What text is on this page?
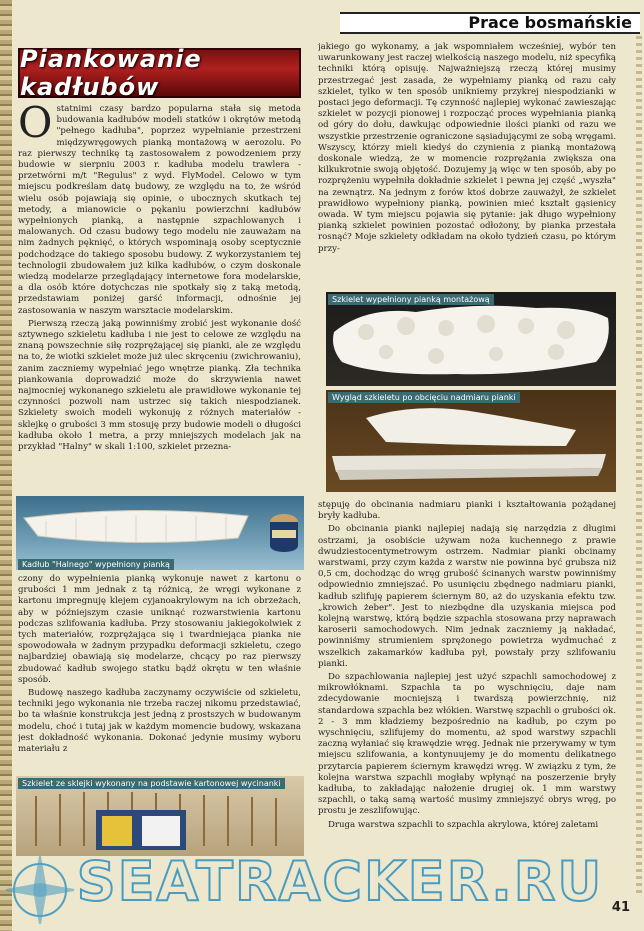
Prace bosmańskie
Piankowanie kadłubów

Ostatnimi czasy bardzo popularna stała się metoda budowania kadłubów modeli statków i okrętów metodą "pełnego kadłuba", poprzez wypełnianie przestrzeni międzywręgowych pianką montażową w aerozolu. Po raz pierwszy technikę tą zastosowałem z powodzeniem przy budowie w sierpniu 2003 r. kadłuba modelu trawlera - przetwórni m/t "Regulus" z wyd. FlyModel. Celowo w tym miejscu podkreślam datę budowy, ze względu na to, że wśród wielu osób pojawiają się opinie, o ubocznych skutkach tej metody, a mianowicie o pękaniu powierzchni kadłubów wypełnionych pianką, a następnie szpachlowanych i malowanych. Od czasu budowy tego modelu nie zauważam na nim żadnych pęknięć, o których wspominają osoby sceptycznie podchodzące do takiego sposobu budowy. Z wykorzystaniem tej technologii zbudowałem już kilka kadłubów, o czym doskonale wiedzą modelarze przeglądający internetowe fora modelarskie, a dla osób które dotychczas nie spotkały się z taką metodą, przedstawiam poniżej garść informacji, odnośnie jej zastosowania w naszym warsztacie modelarskim.

Pierwszą rzeczą jaką powinniśmy zrobić jest wykonanie dość sztywnego szkieletu kadłuba i nie jest to celowe ze względu na znaną powszechnie siłę rozprężającej się pianki, ale ze względu na to, że wiotki szkielet może już ulec skręceniu (zwichrowaniu), zanim zaczniemy wypełniać jego wnętrze pianką. Zła technika piankowania doprowadzić może do skrzywienia nawet najmocniej wykonanego szkieletu ale prawidłowe wykonanie tej czynności pozwoli nam ustrzec się takich niespodzianek. Szkielety swoich modeli wykonuję z różnych materiałów - sklejkę o grubości 3 mm stosuję przy budowie modeli o długości kadłuba około 1 metra, a przy mniejszych modelach jak na przykład "Halny" w skali 1:100, szkielet przezna-

Kadłub "Halnego" wypełniony pianką

czony do wypełnienia pianką wykonuje nawet z kartonu o grubości 1 mm jednak z tą różnicą, że wręgi wykonane z kartonu impregnuję klejem cyjanoakrylowym na ich obrzeżach, aby w późniejszym czasie uniknąć rozwarstwienia kartonu podczas szlifowania kadłuba. Przy stosowaniu jakiegokolwiek z tych materiałów, rozprężająca się i twardniejąca pianka nie spowodowała w żadnym przypadku deformacji szkieletu, czego najbardziej obawiają się modelarze, chcący po raz pierwszy zbudować kadłub swojego statku bądź okrętu w ten właśnie sposób.

Budowę naszego kadłuba zaczynamy oczywiście od szkieletu, techniki jego wykonania nie trzeba raczej nikomu przedstawiać, bo ta właśnie konstrukcja jest jedną z prostszych w budowanym modelu, choć i tutaj jak w każdym momencie budowy, wskazana jest dokładność wykonania. Dokonać jedynie musimy wyboru materiału z

Szkielet ze sklejki wykonany na podstawie kartonowej wycinanki

jakiego go wykonamy, a jak wspomniałem wcześniej, wybór ten uwarunkowany jest raczej wielkością naszego modelu, niż specyfiką techniki którą opisuję. Najważniejszą rzeczą której musimy przestrzegać jest zasada, że wypełniamy pianką od razu cały szkielet, tylko w ten sposób unikniemy przykrej niespodzianki w postaci jego deformacji. Tę czynność najlepiej wykonać zawieszając szkielet w pozycji pionowej i rozpocząć proces wypełniania pianką od góry do dołu, dawkując odpowiednie ilości pianki od razu we wszystkie przestrzenie ograniczone sąsiadującymi ze sobą wręgami. Wszyscy, którzy mieli kiedyś do czynienia z pianką montażową doskonale wiedzą, że w momencie rozprężania zwiększa ona kilkukrotnie swoją objętość. Dozujemy ją więc w ten sposób, aby po rozprężeniu wypełniła dokładnie szkielet i pewna jej część „wyszła" na zewnątrz. Na jednym z forów ktoś dobrze zauważył, że szkielet prawidłowo wypełniony pianką, powinien mieć kształt gąsienicy owada. W tym miejscu pojawia się pytanie: jak długo wypełniony pianką szkielet powinien pozostać odłożony, by pianka przestała rosnąć? Moje szkielety odkładam na około tydzień czasu, po którym przy-

Szkielet wypełniony pianką montażową
Wygląd szkieletu po obcięciu nadmiaru pianki

stępuję do obcinania nadmiaru pianki i kształtowania pożądanej bryły kadłuba.

Do obcinania pianki najlepiej nadają się narzędzia z długimi ostrzami, ja osobiście używam noża kuchennego z prawie dwudziestocentymetrowym ostrzem. Nadmiar pianki obcinamy warstwami, przy czym każda z warstw nie powinna być grubsza niż 0,5 cm, dochodząc do wręg grubość ścinanych warstw powinniśmy odpowiednio zmniejszać. Po usunięciu zbędnego nadmiaru pianki, kadłub szlifuję papierem ściernym 80, aż do uzyskania efektu tzw. „krowich żeber". Jest to niezbędne dla uzyskania miejsca pod kolejną warstwę, którą będzie szpachla stosowana przy naprawach karoserii samochodowych. Nim jednak zaczniemy ją nakładać, powinniśmy strumieniem sprężonego powietrza wydmuchać z wszelkich zakamarków kadłuba pył, powstały przy szlifowaniu pianki.

Do szpachlowania najlepiej jest użyć szpachli samochodowej z mikrowłóknami. Szpachla ta po wyschnięciu, daje nam zdecydowanie mocniejszą i twardszą powierzchnię, niż standardowa szpachla bez włókien. Warstwę szpachli o grubości ok. 2 - 3 mm kładziemy bezpośrednio na kadłub, po czym po wyschnięciu, szlifujemy do momentu, aż spod warstwy szpachli zaczną wyłaniać się krawędzie wręg. Jednak nie przerywamy w tym miejscu szlifowania, a kontynuujemy je do momentu delikatnego przytarcia papierem ściernym krawędzi wręg. W związku z tym, że kolejna warstwa szpachli mogłaby wpłynąć na poszerzenie bryły kadłuba, to zakładając nałożenie drugiej ok. 1 mm warstwy szpachli, o taką samą wartość musimy zmniejszyć obrys wręg, po prostu je zeszlifowując.

Druga warstwa szpachli to szpachla akrylowa, której zaletami

SEATRACKER.RU 41
